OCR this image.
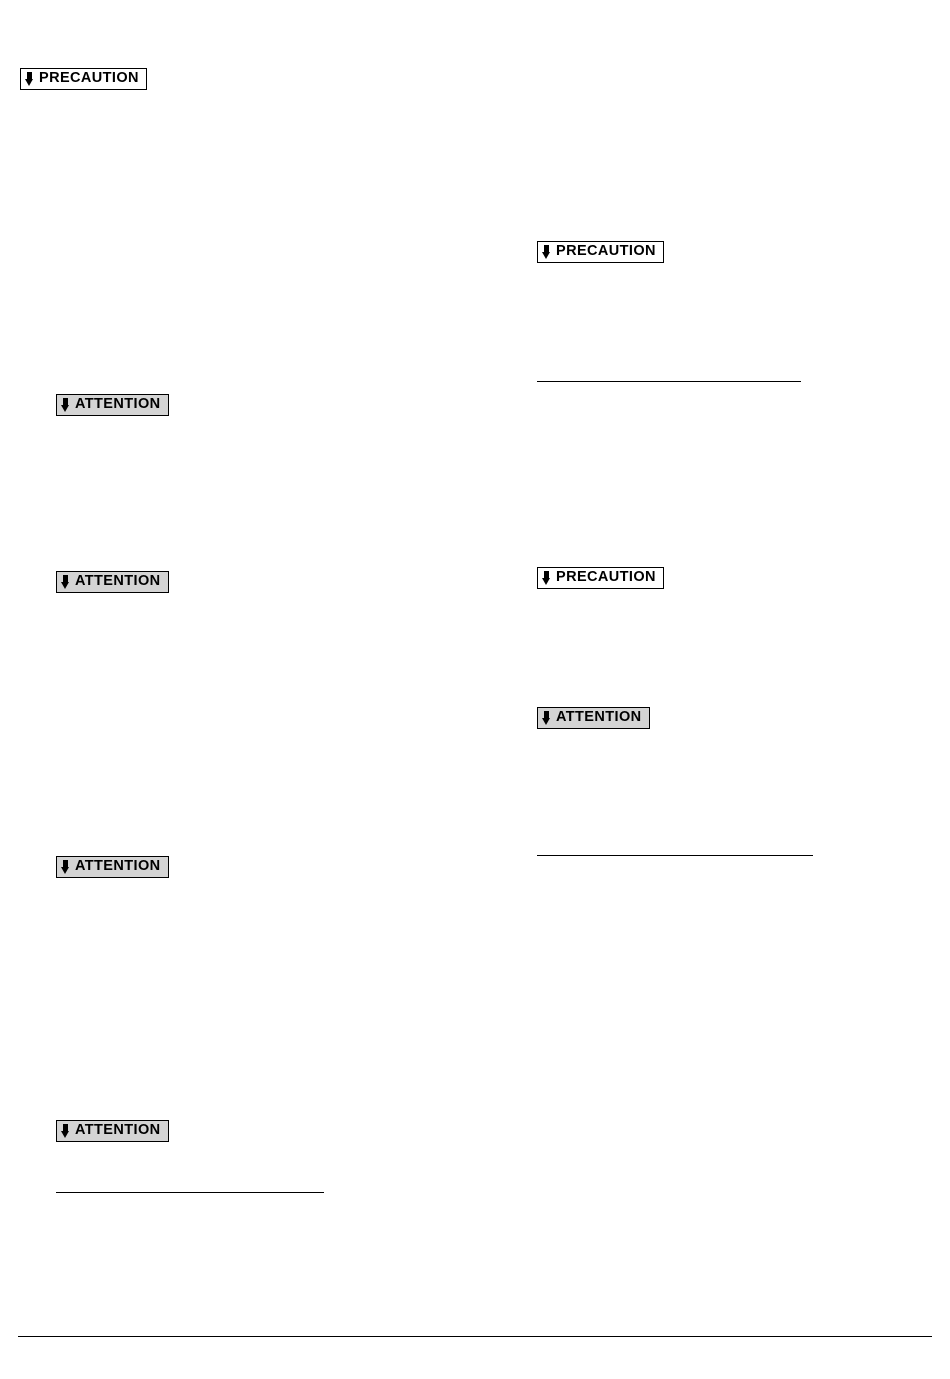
PRECAUTION
ATTENTION
ATTENTION
ATTENTION
ATTENTION
PRECAUTION
PRECAUTION
ATTENTION
